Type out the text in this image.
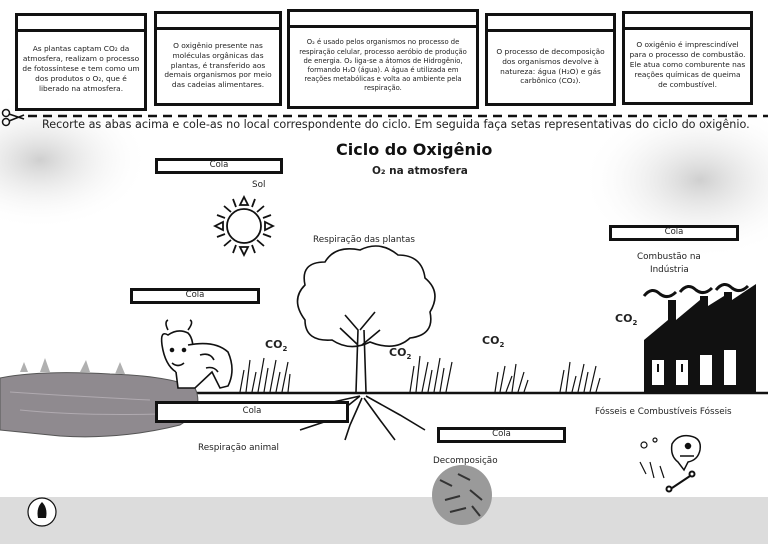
As plantas captam CO₂ da atmosfera, realizam o processo de fotossíntese e tem como um dos produtos o O₂, que é liberado na atmosfera.
O oxigênio presente nas moléculas orgânicas das plantas, é transferido aos demais organismos por meio das cadeias alimentares.
O₂ é usado pelos organismos no processo de respiração celular, processo aeróbio de produção de energia. O₂ liga-se a átomos de Hidrogênio, formando H₂O (água). A água é utilizada em reações metabólicas e volta ao ambiente pela respiração.
O processo de decomposição dos organismos devolve à natureza: água (H₂O) e gás carbônico (CO₂).
O oxigênio é imprescindível para o processo de combustão. Ele atua como comburente nas reações químicas de queima de combustível.
Recorte as abas acima e cole-as no local correspondente do ciclo. Em seguida faça setas representativas do ciclo do oxigênio.
Ciclo do Oxigênio
O₂ na atmosfera
Cola
Cola
Cola
Cola
Cola
Sol
Respiração das plantas
Combustão na
Indústria
Fósseis e Combustíveis Fósseis
Respiração animal
Decomposição
$CO_2$	$CO_2$
$CO_2$
$CO_2$
